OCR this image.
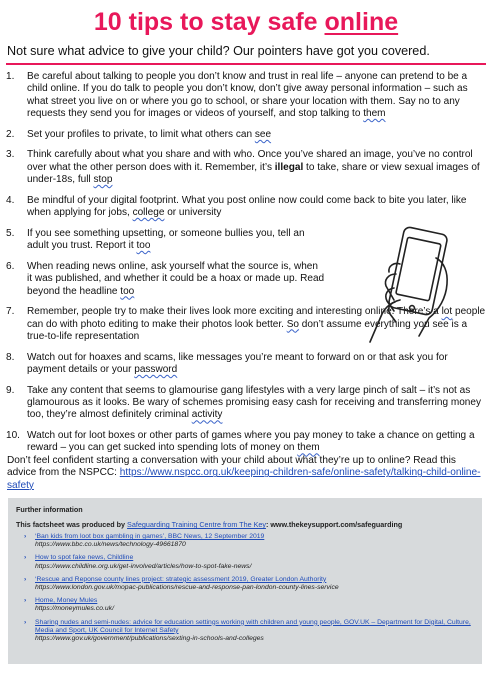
10 tips to stay safe online
Not sure what advice to give your child? Our pointers have got you covered.
1. Be careful about talking to people you don’t know and trust in real life – anyone can pretend to be a child online. If you do talk to people you don’t know, don’t give away personal information – such as what street you live on or where you go to school, or share your location with them. Say no to any requests they send you for images or videos of yourself, and stop talking to them
2. Set your profiles to private, to limit what others can see
3. Think carefully about what you share and with who. Once you’ve shared an image, you’ve no control over what the other person does with it. Remember, it’s illegal to take, share or view sexual images of under-18s, full stop
4. Be mindful of your digital footprint. What you post online now could come back to bite you later, like when applying for jobs, college or university
5. If you see something upsetting, or someone bullies you, tell an adult you trust. Report it too
6. When reading news online, ask yourself what the source is, when it was published, and whether it could be a hoax or made up. Read beyond the headline too
7. Remember, people try to make their lives look more exciting and interesting online. There’s a lot people can do with photo editing to make their photos look better. So don’t assume everything you see is a true-to-life representation
8. Watch out for hoaxes and scams, like messages you’re meant to forward on or that ask you for payment details or your password
9. Take any content that seems to glamourise gang lifestyles with a very large pinch of salt – it’s not as glamourous as it looks. Be wary of schemes promising easy cash for receiving and transferring money too, they’re almost definitely criminal activity
10. Watch out for loot boxes or other parts of games where you pay money to take a chance on getting a reward – you can get sucked into spending lots of money on them
Don’t feel confident starting a conversation with your child about what they’re up to online? Read this advice from the NSPCC: https://www.nspcc.org.uk/keeping-children-safe/online-safety/talking-child-online-safety
Further information
This factsheet was produced by Safeguarding Training Centre from The Key: www.thekeysupport.com/safeguarding
› ‘Ban kids from loot box gambling in games’, BBC News, 12 September 2019
https://www.bbc.co.uk/news/technology-49661870
› How to spot fake news, Childline
https://www.childline.org.uk/get-involved/articles/how-to-spot-fake-news/
› ‘Rescue and Reponse county lines project: strategic assessment 2019, Greater London Authority
https://www.london.gov.uk/mopac-publications/rescue-and-response-pan-london-county-lines-service
› Home, Money Mules
https://moneymules.co.uk/
› Sharing nudes and semi-nudes: advice for education settings working with children and young people, GOV.UK – Department for Digital, Culture, Media and Sport, UK Council for Internet Safety
https://www.gov.uk/government/publications/sexting-in-schools-and-colleges
